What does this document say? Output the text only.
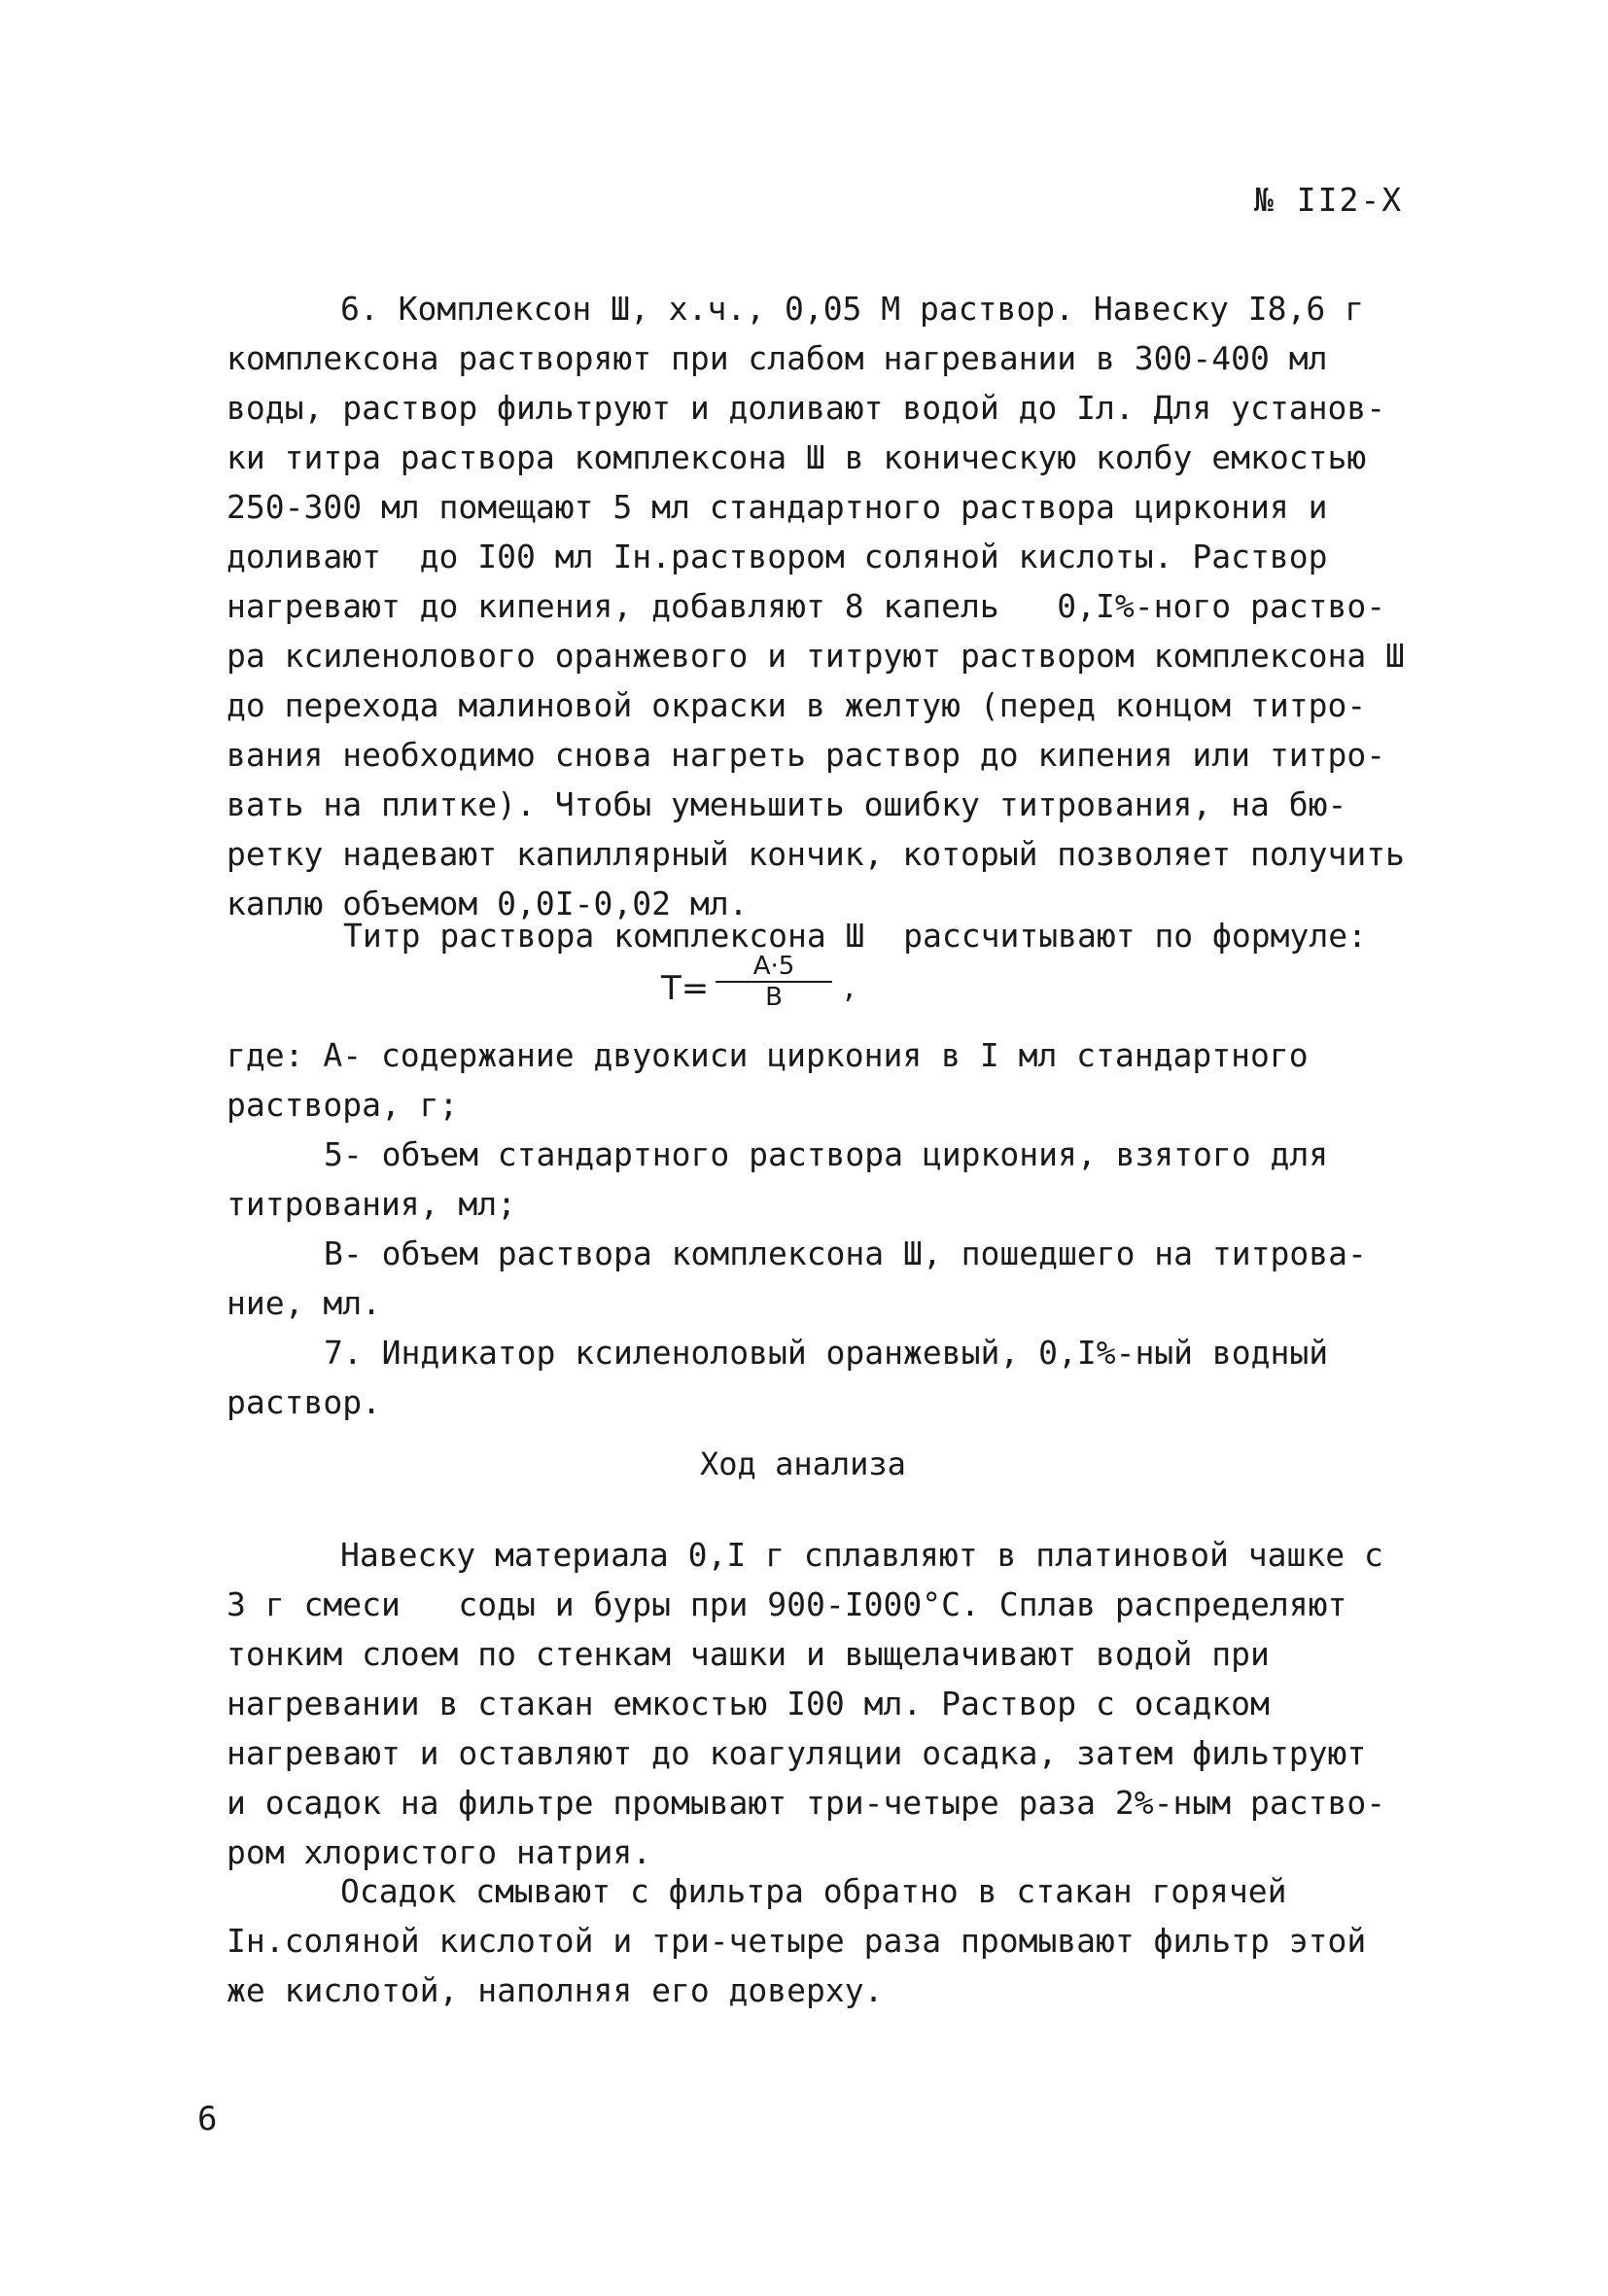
№ II2-X
6. Комплексон Ш, х.ч., 0,05 М раствор. Навеску I8,6 г
комплексона растворяют при слабом нагревании в 300-400 мл
воды, раствор фильтруют и доливают водой до Iл. Для установ-
ки титра раствора комплексона Ш в коническую колбу емкостью
250-300 мл помещают 5 мл стандартного раствора циркония и
доливают  до I00 мл Iн.раствором соляной кислоты. Раствор
нагревают до кипения, добавляют 8 капель   0,I%-ного раство-
ра ксиленолового оранжевого и титруют раствором комплексона Ш
до перехода малиновой окраски в желтую (перед концом титро-
вания необходимо снова нагреть раствор до кипения или титро-
вать на плитке). Чтобы уменьшить ошибку титрования, на бю-
ретку надевают капиллярный кончик, который позволяет получить
каплю объемом 0,0I-0,02 мл.
Титр раствора комплексона Ш  рассчитывают по формуле:
T=
A·5
B	,
где: А- содержание двуокиси циркония в I мл стандартного
раствора, г;
5- объем стандартного раствора циркония, взятого для
титрования, мл;
В- объем раствора комплексона Ш, пошедшего на титрова-
ние, мл.
7. Индикатор ксиленоловый оранжевый, 0,I%-ный водный
раствор.
Ход анализа
Навеску материала 0,I г сплавляют в платиновой чашке с
3 г смеси   соды и буры при 900-I000°С. Сплав распределяют
тонким слоем по стенкам чашки и выщелачивают водой при
нагревании в стакан емкостью I00 мл. Раствор с осадком
нагревают и оставляют до коагуляции осадка, затем фильтруют
и осадок на фильтре промывают три-четыре раза 2%-ным раство-
ром хлористого натрия.
Осадок смывают с фильтра обратно в стакан горячей
Iн.соляной кислотой и три-четыре раза промывают фильтр этой
же кислотой, наполняя его доверху.
6
